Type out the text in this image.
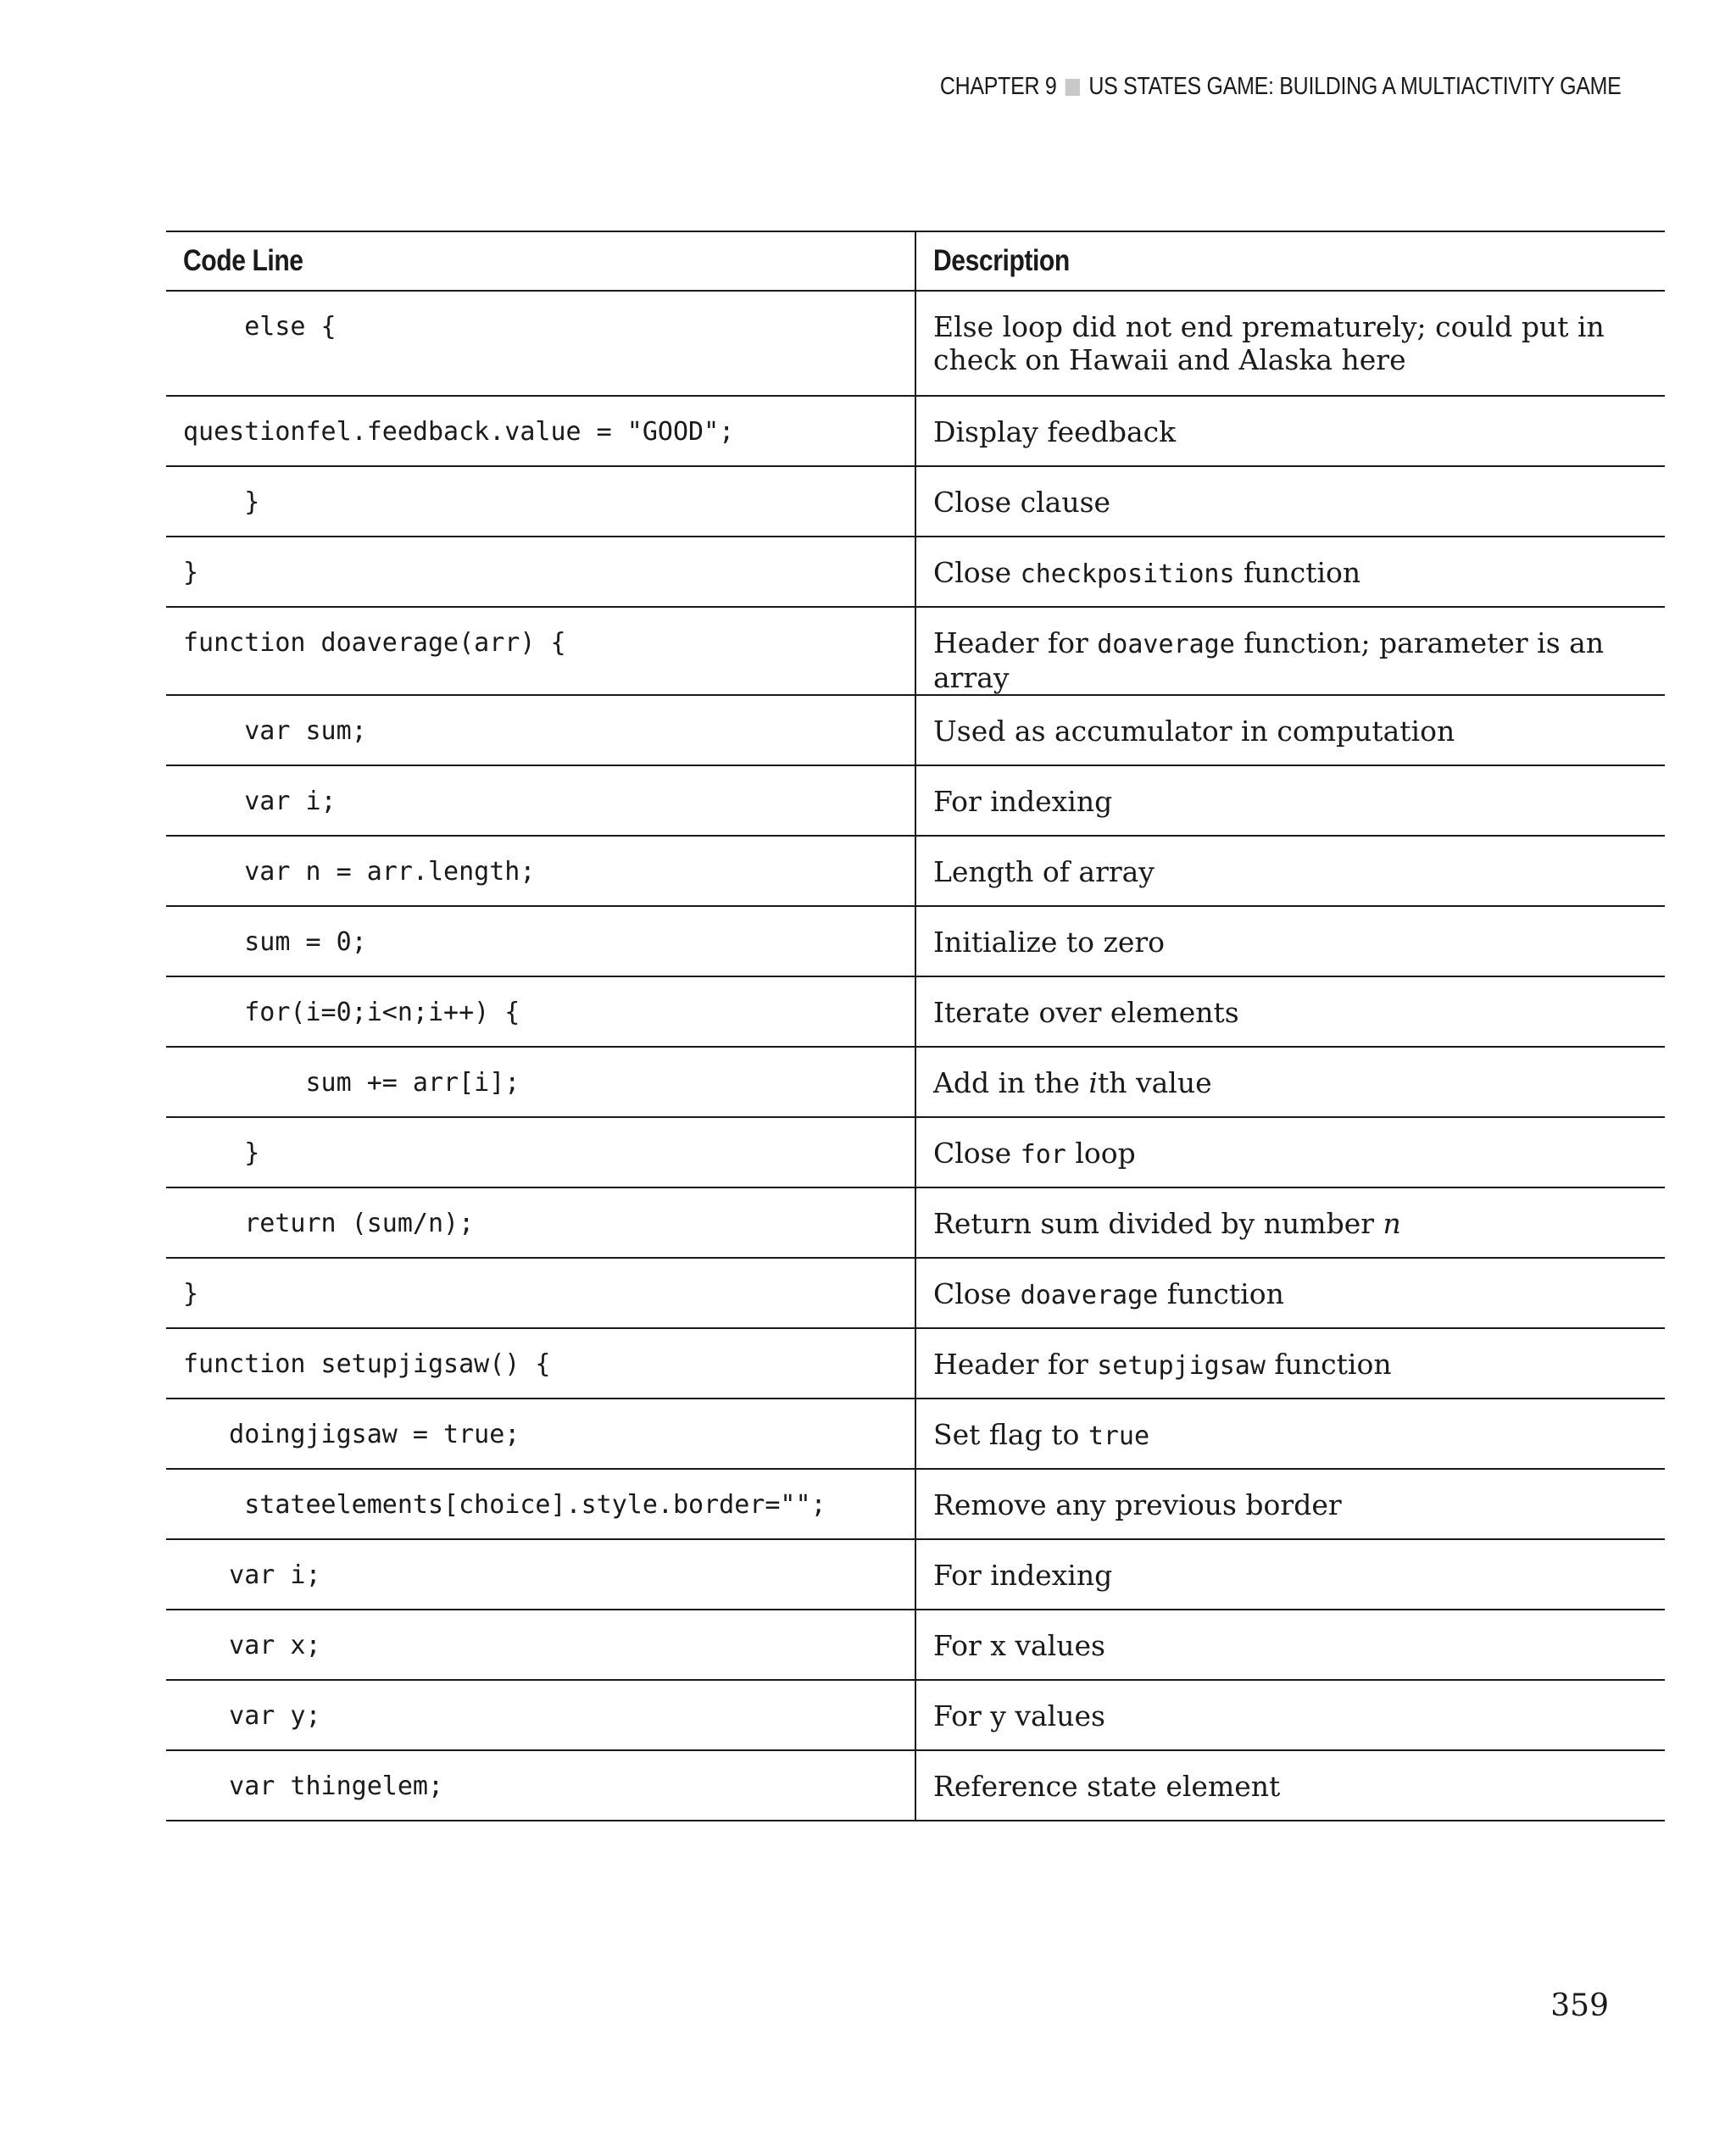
CHAPTER 9 US STATES GAME: BUILDING A MULTIACTIVITY GAME
Code Line	Description
else {	Else loop did not end prematurely; could put in check on Hawaii and Alaska here
questionfel.feedback.value = "GOOD";	Display feedback
}	Close clause
}	Close checkpositions function
function doaverage(arr) {	Header for doaverage function; parameter is an array
var sum;	Used as accumulator in computation
var i;	For indexing
var n = arr.length;	Length of array
sum = 0;	Initialize to zero
for(i=0;i<n;i++) {	Iterate over elements
sum += arr[i];	Add in the ith value
}	Close for loop
return (sum/n);	Return sum divided by number n
}	Close doaverage function
function setupjigsaw() {	Header for setupjigsaw function
doingjigsaw = true;	Set flag to true
stateelements[choice].style.border="";	Remove any previous border
var i;	For indexing
var x;	For x values
var y;	For y values
var thingelem;	Reference state element
359
